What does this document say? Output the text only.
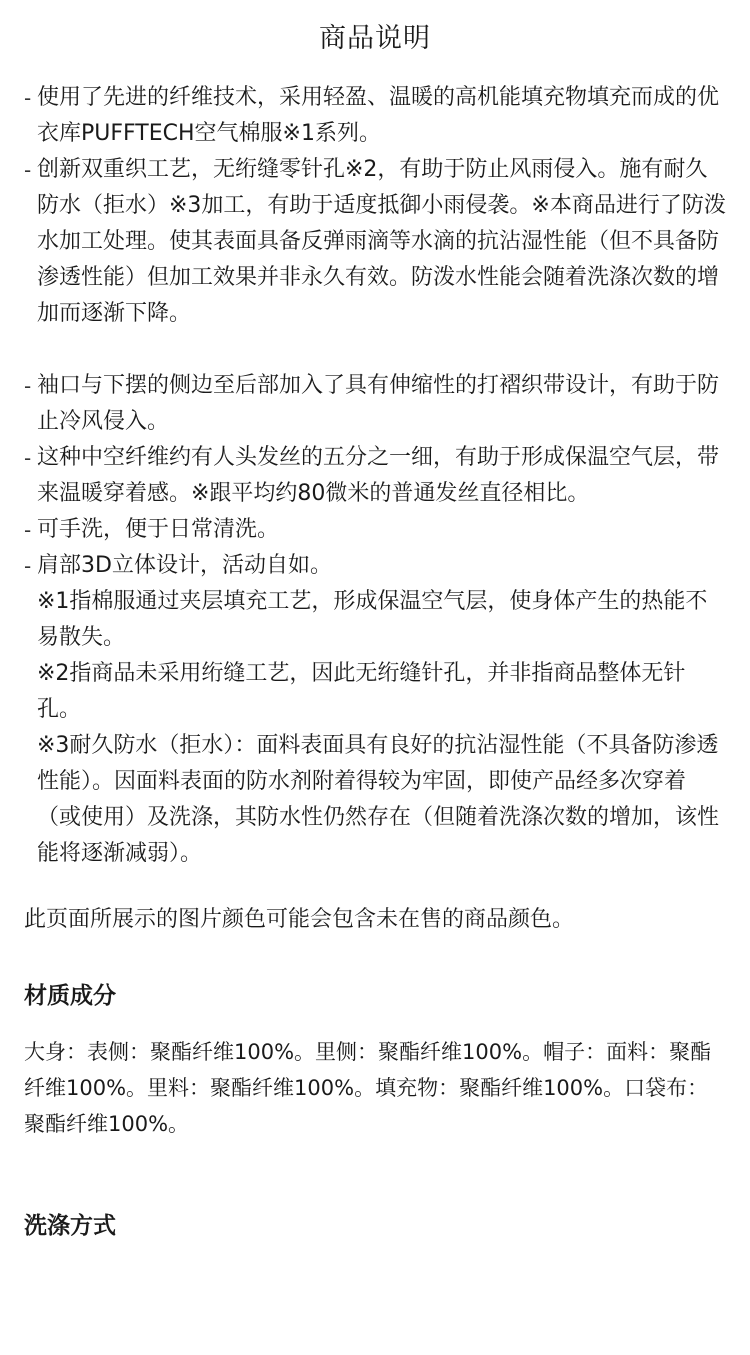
商品说明
- 使用了先进的纤维技术，采用轻盈、温暖的高机能填充物填充而成的优衣库PUFFTECH空气棉服※1系列。
- 创新双重织工艺，无绗缝零针孔※2，有助于防止风雨侵入。施有耐久防水（拒水）※3加工，有助于适度抵御小雨侵袭。※本商品进行了防泼水加工处理。使其表面具备反弹雨滴等水滴的抗沾湿性能（但不具备防渗透性能）但加工效果并非永久有效。防泼水性能会随着洗涤次数的增加而逐渐下降。
- 袖口与下摆的侧边至后部加入了具有伸缩性的打褶织带设计，有助于防止冷风侵入。
- 这种中空纤维约有人头发丝的五分之一细，有助于形成保温空气层，带来温暖穿着感。※跟平均约80微米的普通发丝直径相比。
- 可手洗，便于日常清洗。
- 肩部3D立体设计，活动自如。
※1指棉服通过夹层填充工艺，形成保温空气层，使身体产生的热能不易散失。
※2指商品未采用绗缝工艺，因此无绗缝针孔，并非指商品整体无针孔。
※3耐久防水（拒水）：面料表面具有良好的抗沾湿性能（不具备防渗透性能）。因面料表面的防水剂附着得较为牢固，即使产品经多次穿着（或使用）及洗涤，其防水性仍然存在（但随着洗涤次数的增加，该性能将逐渐减弱）。

此页面所展示的图片颜色可能会包含未在售的商品颜色。

材质成分

大身：表侧：聚酯纤维100%。里侧：聚酯纤维100%。帽子：面料：聚酯纤维100%。里料：聚酯纤维100%。填充物：聚酯纤维100%。口袋布：聚酯纤维100%。

洗涤方式
